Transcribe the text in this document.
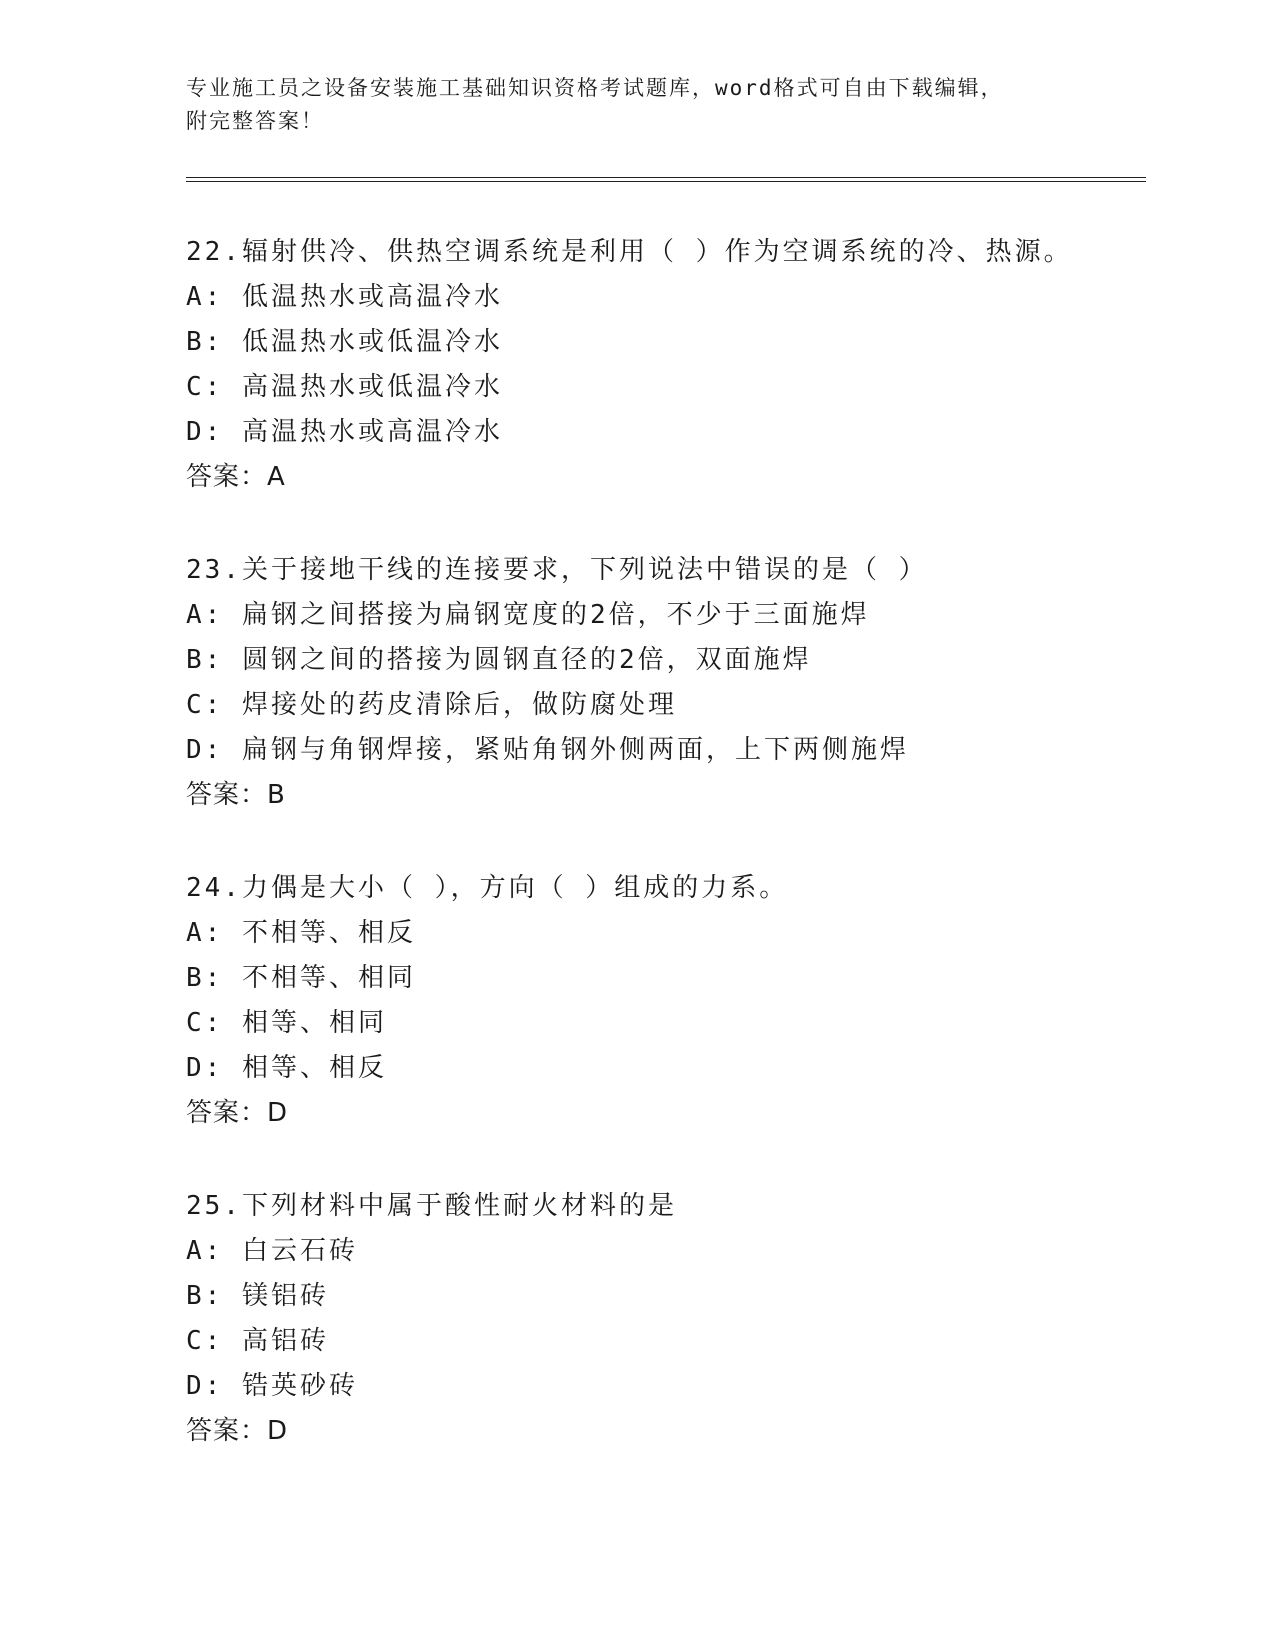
专业施工员之设备安装施工基础知识资格考试题库，word格式可自由下载编辑，
附完整答案！
22.辐射供冷、供热空调系统是利用（ ）作为空调系统的冷、热源。
A: 低温热水或高温冷水
B: 低温热水或低温冷水
C: 高温热水或低温冷水
D: 高温热水或高温冷水
答案：A
23.关于接地干线的连接要求，下列说法中错误的是（ ）
A: 扁钢之间搭接为扁钢宽度的2倍，不少于三面施焊
B: 圆钢之间的搭接为圆钢直径的2倍，双面施焊
C: 焊接处的药皮清除后，做防腐处理
D: 扁钢与角钢焊接，紧贴角钢外侧两面，上下两侧施焊
答案：B
24.力偶是大小（ ），方向（ ）组成的力系。
A: 不相等、相反
B: 不相等、相同
C: 相等、相同
D: 相等、相反
答案：D
25.下列材料中属于酸性耐火材料的是
A: 白云石砖
B: 镁铝砖
C: 高铝砖
D: 锆英砂砖
答案：D
